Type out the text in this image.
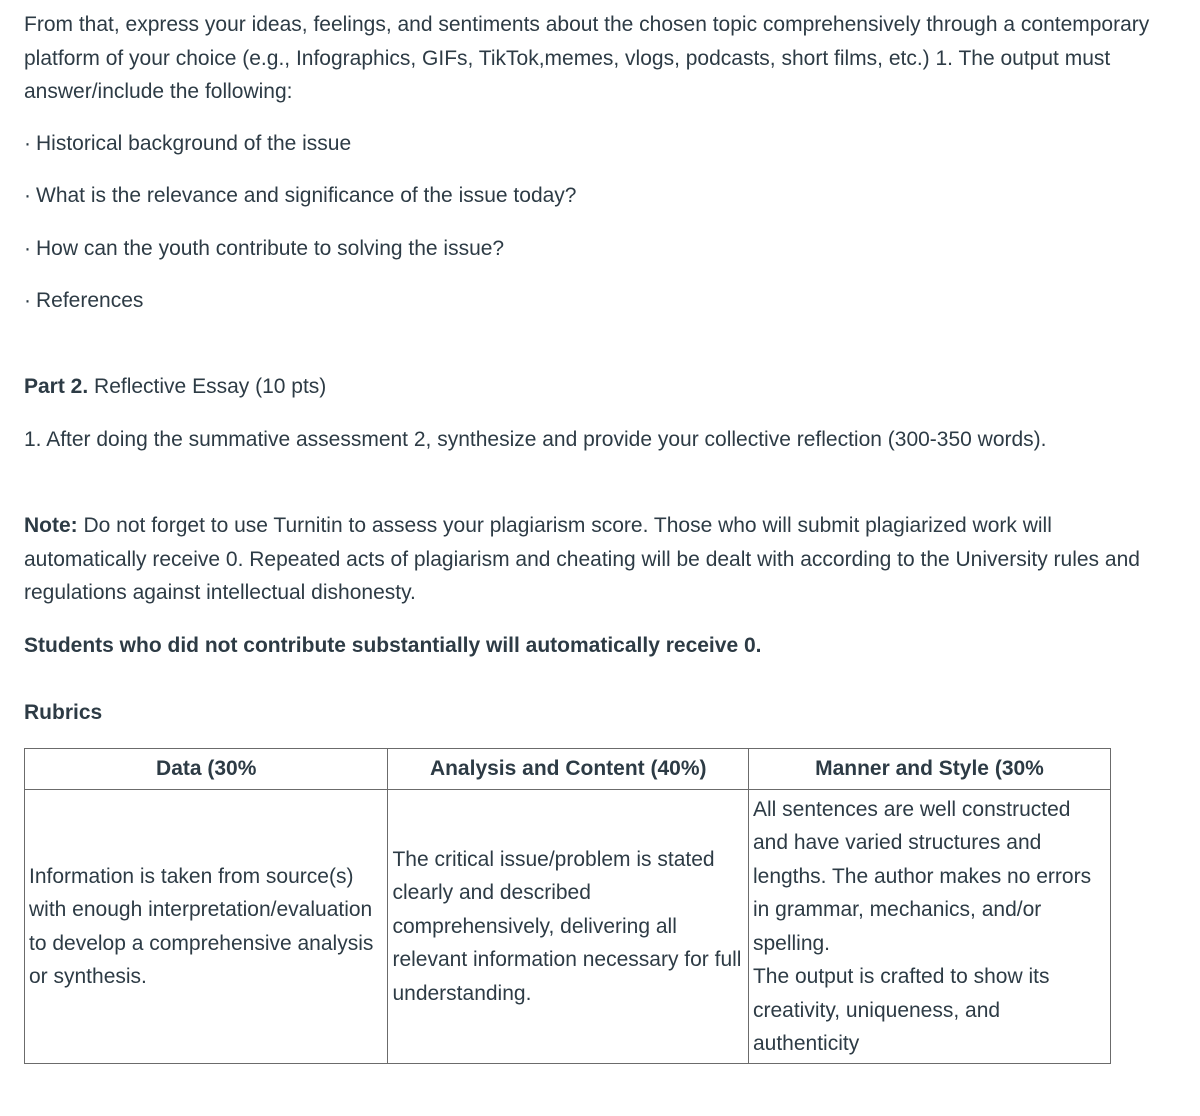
From that, express your ideas, feelings, and sentiments about the chosen topic comprehensively through a contemporary platform of your choice (e.g., Infographics, GIFs, TikTok,memes, vlogs, podcasts, short films, etc.) 1. The output must answer/include the following:

· Historical background of the issue

· What is the relevance and significance of the issue today?

· How can the youth contribute to solving the issue?

· References

Part 2. Reflective Essay (10 pts)

1. After doing the summative assessment 2, synthesize and provide your collective reflection (300-350 words).

Note: Do not forget to use Turnitin to assess your plagiarism score. Those who will submit plagiarized work will automatically receive 0. Repeated acts of plagiarism and cheating will be dealt with according to the University rules and regulations against intellectual dishonesty.

Students who did not contribute substantially will automatically receive 0.

Rubrics

Data (30%	Analysis and Content (40%)	Manner and Style (30%
Information is taken from source(s) with enough interpretation/evaluation to develop a comprehensive analysis or synthesis.	The critical issue/problem is stated clearly and described comprehensively, delivering all relevant information necessary for full understanding.	All sentences are well constructed and have varied structures and lengths. The author makes no errors in grammar, mechanics, and/or spelling.
The output is crafted to show its creativity, uniqueness, and authenticity
